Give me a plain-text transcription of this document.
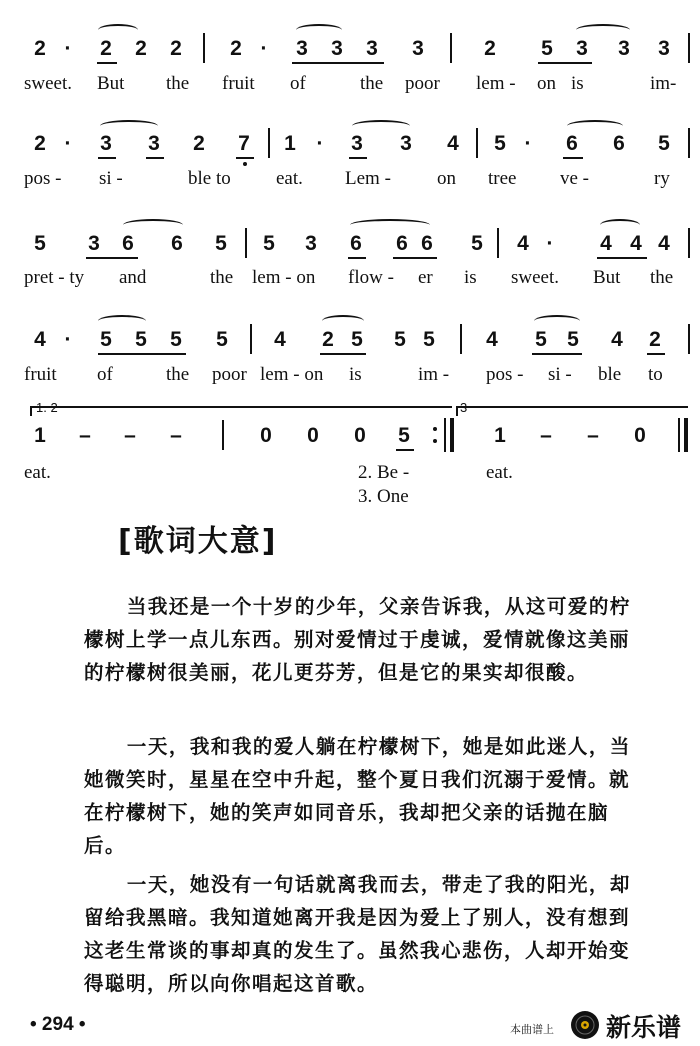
2 · 2 2 2 2 · 3 3 3 3	2 5 3 3 3
sweet. But the fruit of	the poor lem - on is	im-
2 · 3 3 2 7 1 · 3 3 4 5 · 6 6 5
pos - si -	ble to eat. Lem - on tree ve -	ry
5 3 6 6 5 5 3 6 6 6 5 4 · 4 4 4
pret - ty and	the lem - on flow - er is sweet. But the
4 · 5 5 5 5 4 2 5 5 5 4 5 5 4 2
fruit of	the poor lem - on is	im - pos - si - ble to
1. 2	3
1 – – –	0 0 0 5	1 – – 0
eat.	2. Be -	eat.
3. One
[歌词大意]

当我还是一个十岁的少年，父亲告诉我，从这可爱的柠檬树上学一点儿东西。别对爱情过于虔诚，爱情就像这美丽的柠檬树很美丽，花儿更芬芳，但是它的果实却很酸。

一天，我和我的爱人躺在柠檬树下，她是如此迷人，当她微笑时，星星在空中升起，整个夏日我们沉溺于爱情。就在柠檬树下，她的笑声如同音乐，我却把父亲的话抛在脑后。

一天，她没有一句话就离我而去，带走了我的阳光，却留给我黑暗。我知道她离开我是因为爱上了别人，没有想到这老生常谈的事却真的发生了。虽然我心悲伤，人却开始变得聪明，所以向你唱起这首歌。

• 294 •	本曲谱上 新乐谱
